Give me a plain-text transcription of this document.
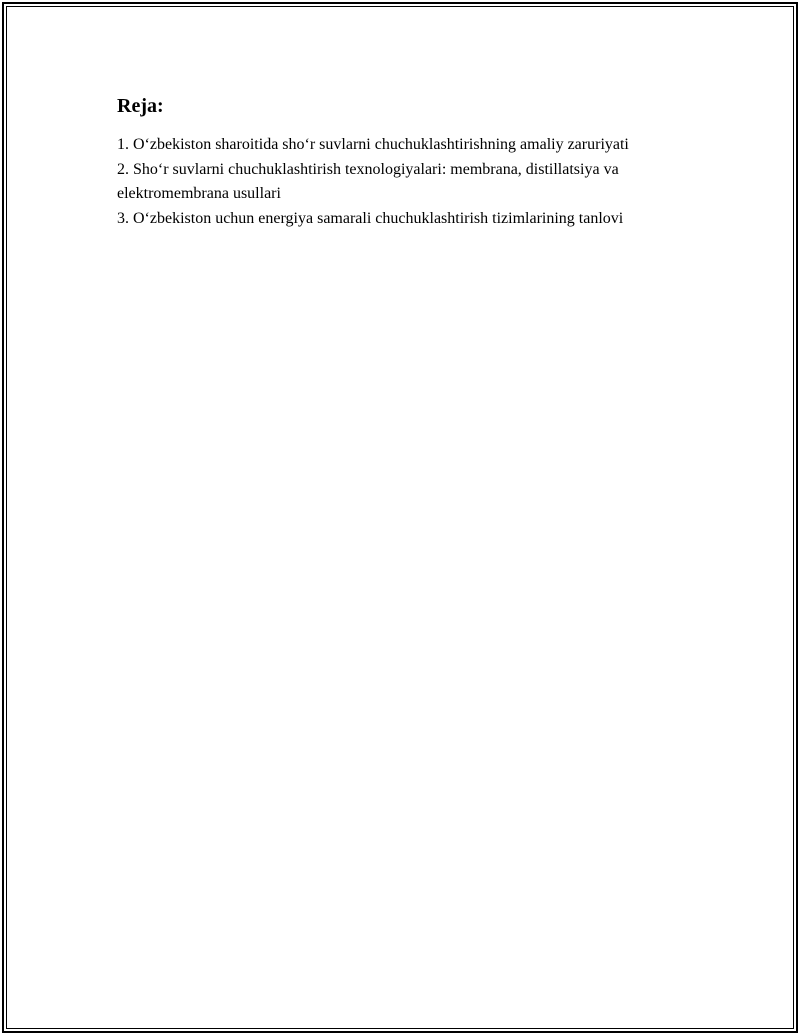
Reja:
1. O‘zbekiston sharoitida sho‘r suvlarni chuchuklashtirishning amaliy zaruriyati
2. Sho‘r suvlarni chuchuklashtirish texnologiyalari: membrana, distillatsiya va elektromembrana usullari
3. O‘zbekiston uchun energiya samarali chuchuklashtirish tizimlarining tanlovi
